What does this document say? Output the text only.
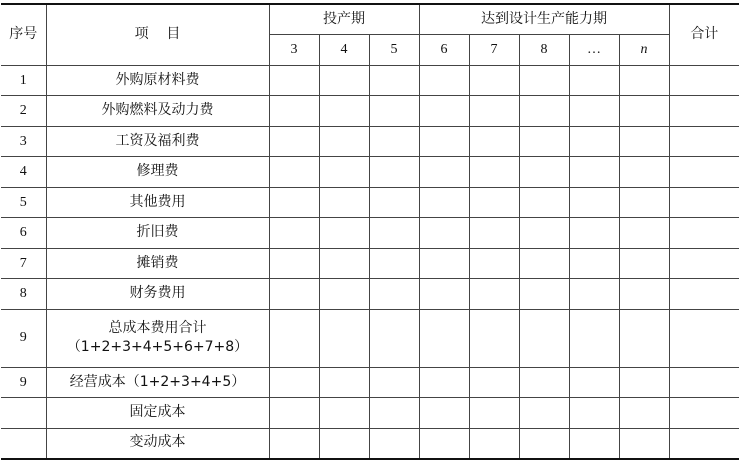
序号	项    目	投产期			达到设计生产能力期					合计
		3	4	5	6	7	8	…	n	
1	外购原材料费									
2	外购燃料及动力费									
3	工资及福利费									
4	修理费									
5	其他费用									
6	折旧费									
7	摊销费									
8	财务费用									
9	总成本费用合计
（1+2+3+4+5+6+7+8）									

9	经营成本（1+2+3+4+5）									
	固定成本									
	变动成本									
